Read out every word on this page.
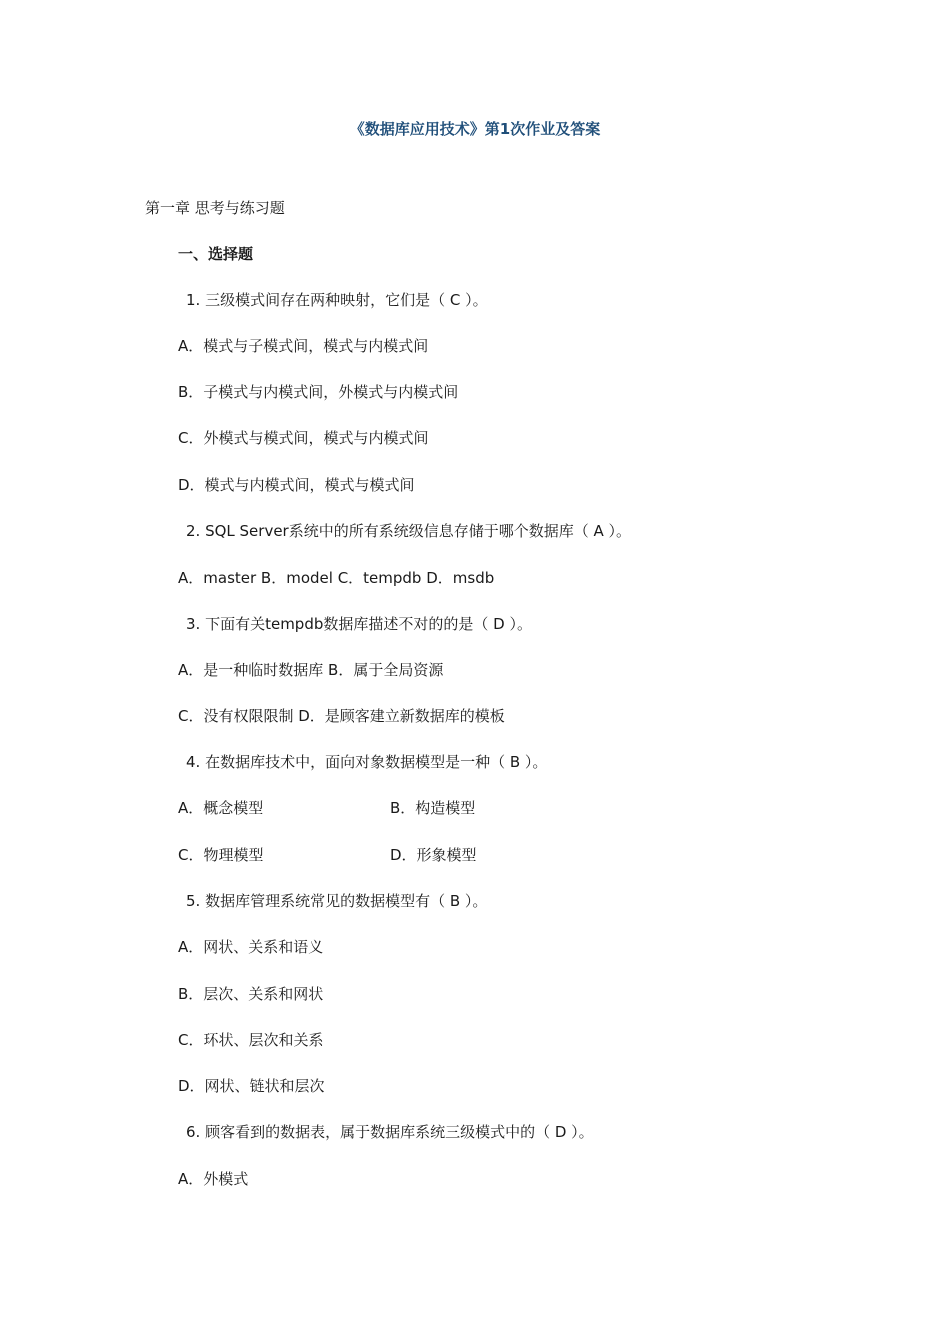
《数据库应用技术》第1次作业及答案
第一章 思考与练习题
一、选择题
1. 三级模式间存在两种映射，它们是（ C ）。
A．模式与子模式间，模式与内模式间
B．子模式与内模式间，外模式与内模式间
C．外模式与模式间，模式与内模式间
D．模式与内模式间，模式与模式间
2. SQL Server系统中的所有系统级信息存储于哪个数据库（ A ）。
A．master B．model C．tempdb D．msdb
3. 下面有关tempdb数据库描述不对的的是（ D ）。
A．是一种临时数据库 B．属于全局资源
C．没有权限限制 D．是顾客建立新数据库的模板
4. 在数据库技术中，面向对象数据模型是一种（ B ）。
A．概念模型	B．构造模型
C．物理模型	D．形象模型
5. 数据库管理系统常见的数据模型有（ B ）。
A．网状、关系和语义
B．层次、关系和网状
C．环状、层次和关系
D．网状、链状和层次
6. 顾客看到的数据表，属于数据库系统三级模式中的（ D ）。
A．外模式
